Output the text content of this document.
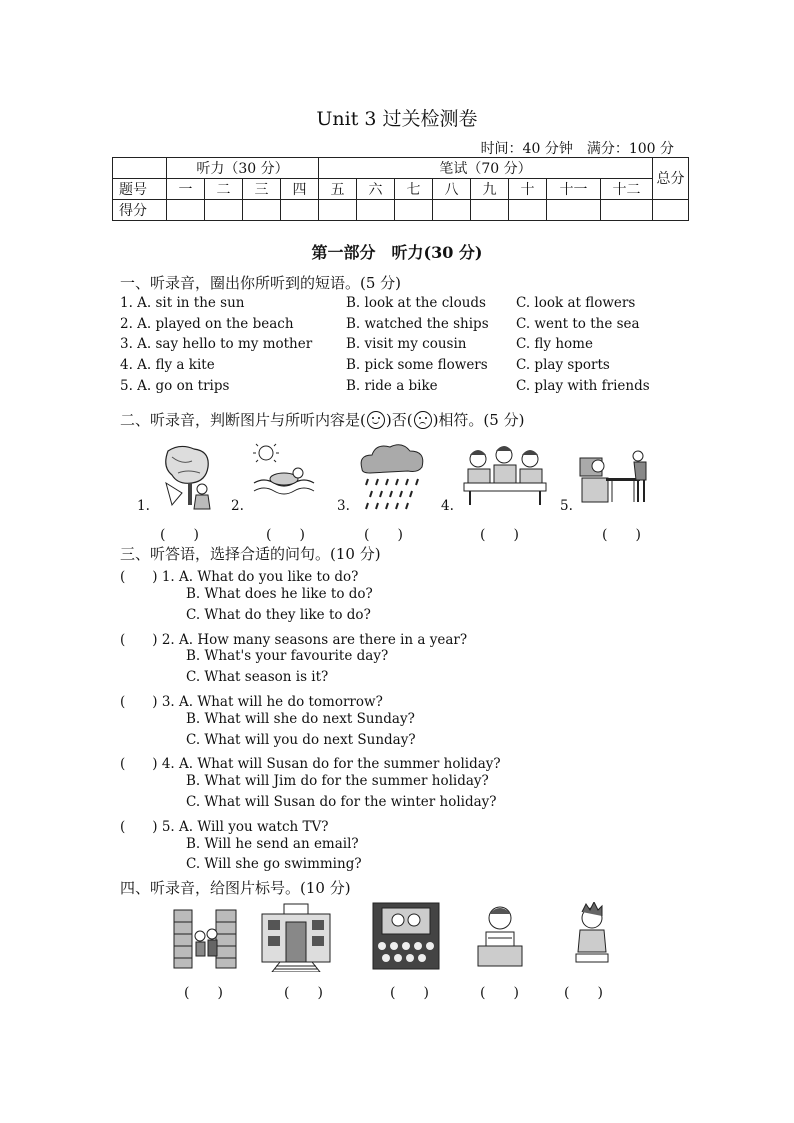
Unit 3 过关检测卷
时间：40 分钟　满分：100 分
	听力（30 分）				笔试（70 分）								总分
题号	一	二	三	四	五	六	七	八	九	十	十一	十二	
得分													
第一部分　听力(30 分)
一、听录音，圈出你所听到的短语。(5 分)
1. A. sit in the sun	B. look at the clouds C. look at flowers
2. A. played on the beach	B. watched the ships C. went to the sea
3. A. say hello to my mother	B. visit my cousin	C. fly home
4. A. fly a kite	B. pick some flowers C. play sports
5. A. go on trips	B. ride a bike	C. play with friends
二、听录音，判断图片与所听内容是( )否( )相符。(5 分)
1.	2.	3.	4.	5.
(　　)	(　　)	(　　)	(　　)	(　　)
三、听答语，选择合适的问句。(10 分)
(　　) 1. A. What do you like to do?
B. What does he like to do?
C. What do they like to do?
(　　) 2. A. How many seasons are there in a year?
B. What's your favourite day?
C. What season is it?
(　　) 3. A. What will he do tomorrow?
B. What will she do next Sunday?
C. What will you do next Sunday?
(　　) 4. A. What will Susan do for the summer holiday?
B. What will Jim do for the summer holiday?
C. What will Susan do for the winter holiday?
(　　) 5. A. Will you watch TV?
B. Will he send an email?
C. Will she go swimming?
四、听录音，给图片标号。(10 分)
(　　)	(　　)	(　　)	(　　)	(　　)
